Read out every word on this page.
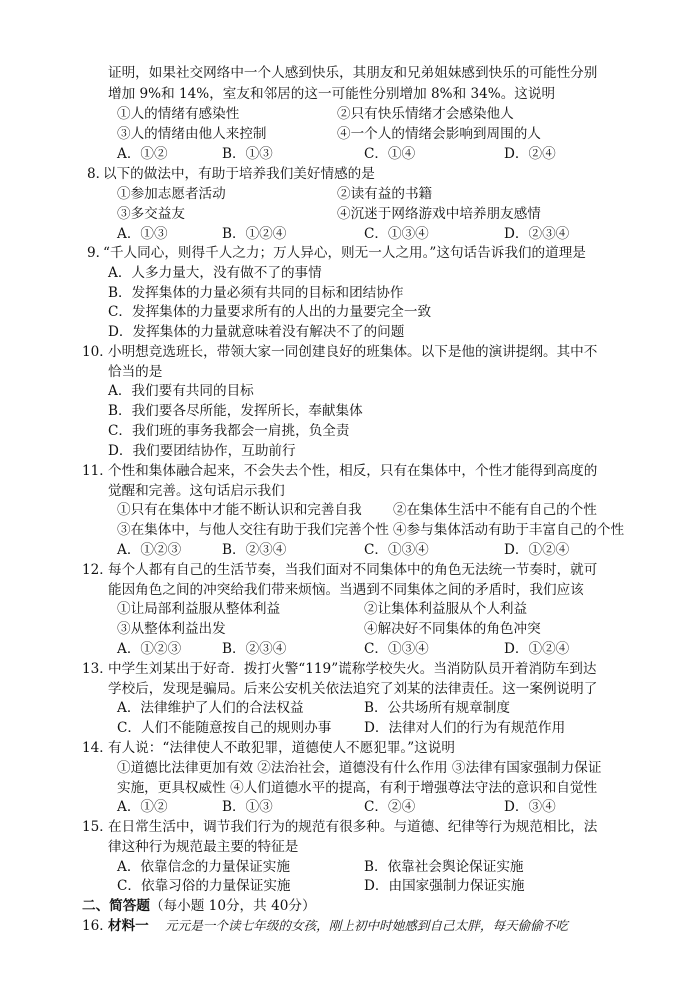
证明，如果社交网络中一个人感到快乐，其朋友和兄弟姐妹感到快乐的可能性分别
增加 9%和 14%，室友和邻居的这一可能性分别增加 8%和 34%。这说明
①人的情绪有感染性	②只有快乐情绪才会感染他人
③人的情绪由他人来控制	④一个人的情绪会影响到周围的人
A．①②	B．①③	C．①④	D．②④
8．
以下的做法中，有助于培养我们美好情感的是
①参加志愿者活动	②读有益的书籍
③多交益友	④沉迷于网络游戏中培养朋友感情
A．①③	B．①②④	C．①③④	D．②③④
9．
“千人同心，则得千人之力；万人异心，则无一人之用。”这句话告诉我们的道理是
A．人多力量大，没有做不了的事情
B．发挥集体的力量必须有共同的目标和团结协作
C．发挥集体的力量要求所有的人出的力量要完全一致
D．发挥集体的力量就意味着没有解决不了的问题
10．
小明想竞选班长，带领大家一同创建良好的班集体。以下是他的演讲提纲。其中不
恰当的是
A．我们要有共同的目标
B．我们要各尽所能，发挥所长，奉献集体
C．我们班的事务我都会一肩挑，负全责
D．我们要团结协作，互助前行
11．
个性和集体融合起来，不会失去个性，相反，只有在集体中，个性才能得到高度的
觉醒和完善。这句话启示我们
①只有在集体中才能不断认识和完善自我 ②在集体生活中不能有自己的个性
③在集体中，与他人交往有助于我们完善个性 ④参与集体活动有助于丰富自己的个性
A．①②③	B．②③④	C．①③④	D．①②④
12．
每个人都有自己的生活节奏，当我们面对不同集体中的角色无法统一节奏时，就可
能因角色之间的冲突给我们带来烦恼。当遇到不同集体之间的矛盾时，我们应该
①让局部利益服从整体利益	②让集体利益服从个人利益
③从整体利益出发	④解决好不同集体的角色冲突
A．①②③	B．②③④	C．①③④	D．①②④
13．
中学生刘某出于好奇．拨打火警“119”谎称学校失火。当消防队员开着消防车到达
学校后，发现是骗局。后来公安机关依法追究了刘某的法律责任。这一案例说明了
A．法律维护了人们的合法权益	B．公共场所有规章制度
C．人们不能随意按自己的规则办事 D．法律对人们的行为有规范作用
14．
有人说：“法律使人不敢犯罪，道德使人不愿犯罪。”这说明
①道德比法律更加有效 ②法治社会，道德没有什么作用 ③法律有国家强制力保证
实施，更具权威性 ④人们道德水平的提高，有利于增强尊法守法的意识和自觉性
A．①②	B．①③	C．②④	D．③④
15．
在日常生活中，调节我们行为的规范有很多种。与道德、纪律等行为规范相比，法
律这种行为规范最主要的特征是
A．依靠信念的力量保证实施	B．依靠社会舆论保证实施
C．依靠习俗的力量保证实施	D．由国家强制力保证实施
二、简答题（每小题 10分，共 40分）
16．
材料一 元元是一个读七年级的女孩，刚上初中时她感到自己太胖，每天偷偷不吃
